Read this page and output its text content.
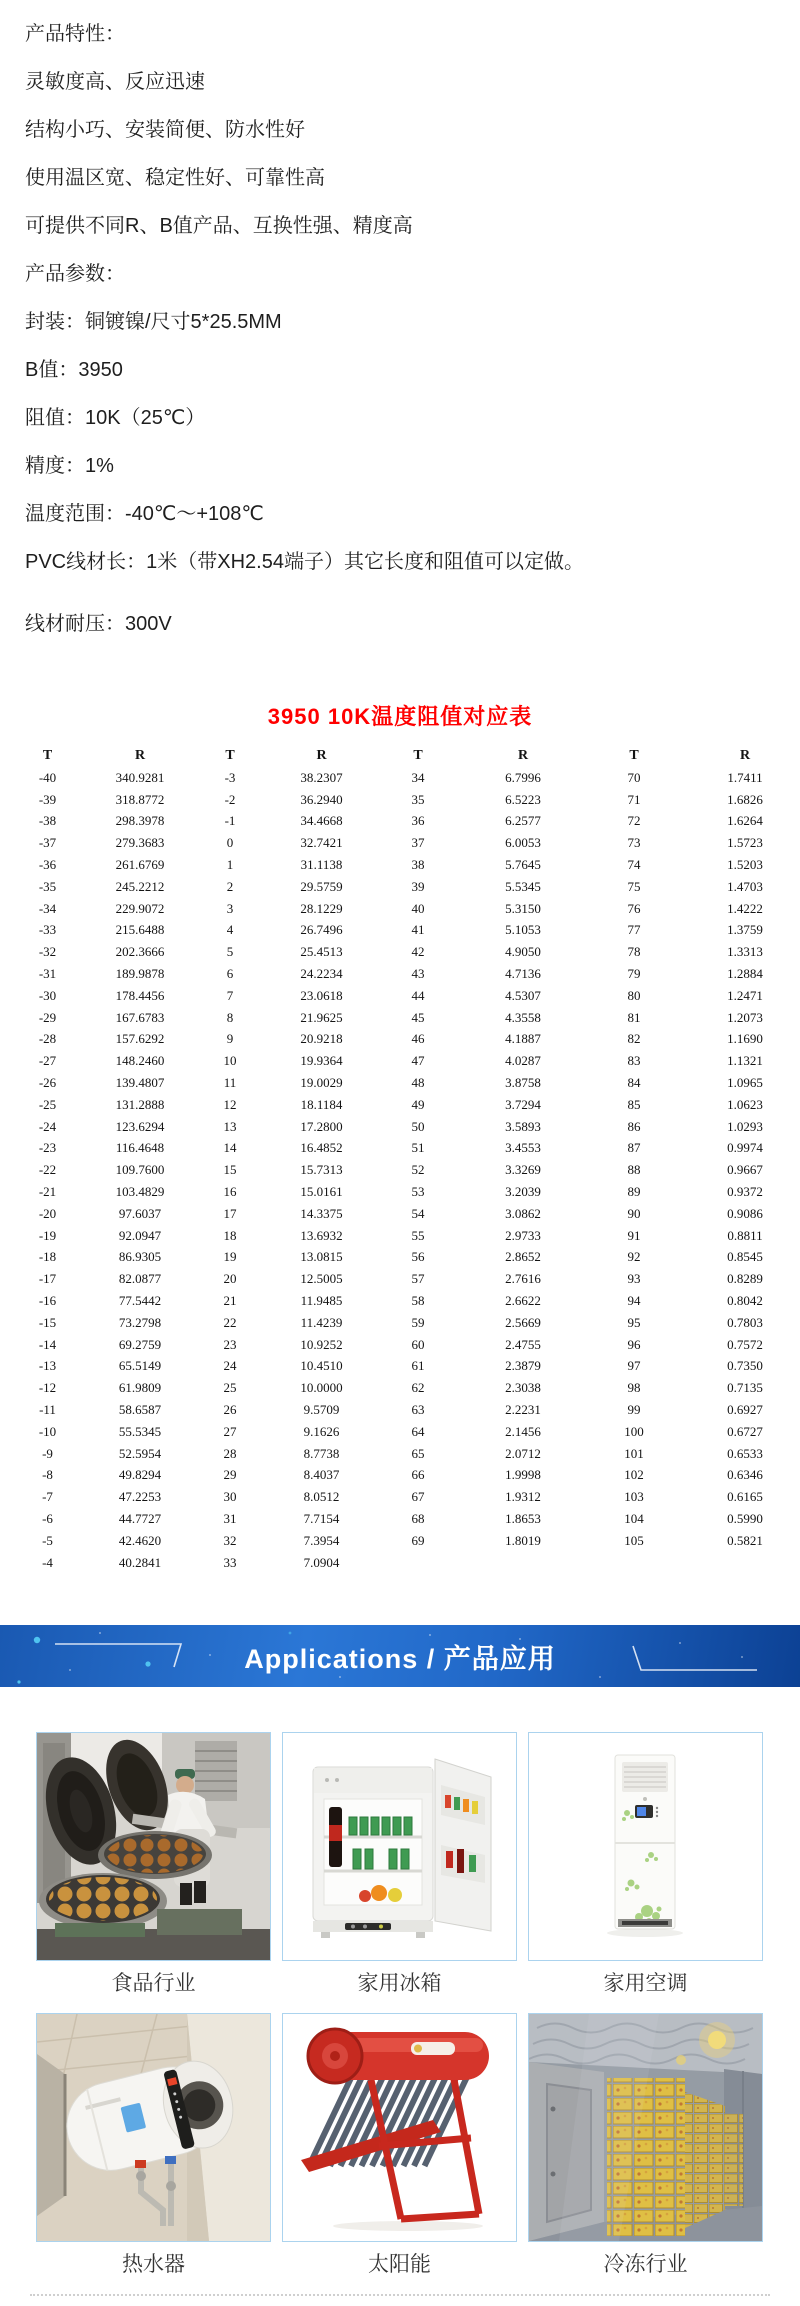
产品特性：

灵敏度高、反应迅速

结构小巧、安装简便、防水性好

使用温区宽、稳定性好、可靠性高

可提供不同R、B值产品、互换性强、精度高

产品参数：

封装：铜镀镍/尺寸5*25.5MM

B值：3950

阻值：10K（25℃）

精度：1%

温度范围：-40℃～+108℃

PVC线材长：1米（带XH2.54端子）其它长度和阻值可以定做。

线材耐压：300V

3950 10K温度阻值对应表
T	R	T	R	T	R	T	R
-40	340.9281	-3	38.2307	34	6.7996	70	1.7411
-39	318.8772	-2	36.2940	35	6.5223	71	1.6826
-38	298.3978	-1	34.4668	36	6.2577	72	1.6264
-37	279.3683	0	32.7421	37	6.0053	73	1.5723
-36	261.6769	1	31.1138	38	5.7645	74	1.5203
-35	245.2212	2	29.5759	39	5.5345	75	1.4703
-34	229.9072	3	28.1229	40	5.3150	76	1.4222
-33	215.6488	4	26.7496	41	5.1053	77	1.3759
-32	202.3666	5	25.4513	42	4.9050	78	1.3313
-31	189.9878	6	24.2234	43	4.7136	79	1.2884
-30	178.4456	7	23.0618	44	4.5307	80	1.2471
-29	167.6783	8	21.9625	45	4.3558	81	1.2073
-28	157.6292	9	20.9218	46	4.1887	82	1.1690
-27	148.2460	10	19.9364	47	4.0287	83	1.1321
-26	139.4807	11	19.0029	48	3.8758	84	1.0965
-25	131.2888	12	18.1184	49	3.7294	85	1.0623
-24	123.6294	13	17.2800	50	3.5893	86	1.0293
-23	116.4648	14	16.4852	51	3.4553	87	0.9974
-22	109.7600	15	15.7313	52	3.3269	88	0.9667
-21	103.4829	16	15.0161	53	3.2039	89	0.9372
-20	97.6037	17	14.3375	54	3.0862	90	0.9086
-19	92.0947	18	13.6932	55	2.9733	91	0.8811
-18	86.9305	19	13.0815	56	2.8652	92	0.8545
-17	82.0877	20	12.5005	57	2.7616	93	0.8289
-16	77.5442	21	11.9485	58	2.6622	94	0.8042
-15	73.2798	22	11.4239	59	2.5669	95	0.7803
-14	69.2759	23	10.9252	60	2.4755	96	0.7572
-13	65.5149	24	10.4510	61	2.3879	97	0.7350
-12	61.9809	25	10.0000	62	2.3038	98	0.7135
-11	58.6587	26	9.5709	63	2.2231	99	0.6927
-10	55.5345	27	9.1626	64	2.1456	100	0.6727
-9	52.5954	28	8.7738	65	2.0712	101	0.6533
-8	49.8294	29	8.4037	66	1.9998	102	0.6346
-7	47.2253	30	8.0512	67	1.9312	103	0.6165
-6	44.7727	31	7.7154	68	1.8653	104	0.5990
-5	42.4620	32	7.3954	69	1.8019	105	0.5821
-4	40.2841	33	7.0904				
Applications / 产品应用
食品行业	家用冰箱	家用空调
热水器	太阳能	冷冻行业
